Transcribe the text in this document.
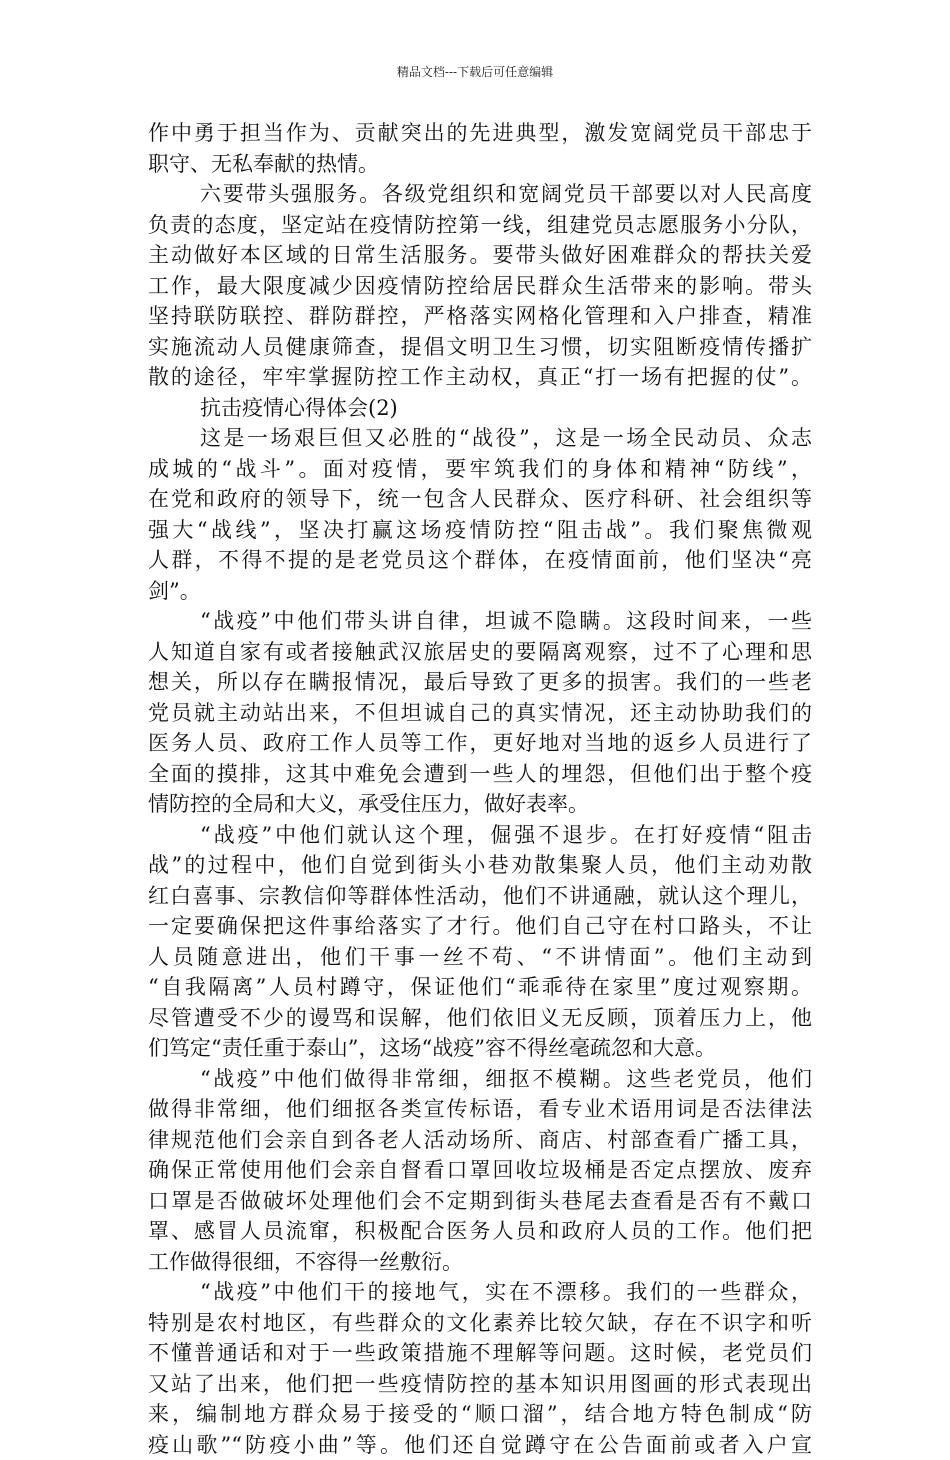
精品文档---下载后可任意编辑
作中勇于担当作为、贡献突出的先进典型，激发宽阔党员干部忠于
职守、无私奉献的热情。
六要带头强服务。各级党组织和宽阔党员干部要以对人民高度
负责的态度，坚定站在疫情防控第一线，组建党员志愿服务小分队，
主动做好本区域的日常生活服务。要带头做好困难群众的帮扶关爱
工作，最大限度减少因疫情防控给居民群众生活带来的影响。带头
坚持联防联控、群防群控，严格落实网格化管理和入户排查，精准
实施流动人员健康筛查，提倡文明卫生习惯，切实阻断疫情传播扩
散的途径，牢牢掌握防控工作主动权，真正“打一场有把握的仗”。
抗击疫情心得体会(2)
这是一场艰巨但又必胜的“战役”，这是一场全民动员、众志
成城的“战斗”。面对疫情，要牢筑我们的身体和精神“防线”，
在党和政府的领导下，统一包含人民群众、医疗科研、社会组织等
强大“战线”，坚决打赢这场疫情防控“阻击战”。我们聚焦微观
人群，不得不提的是老党员这个群体，在疫情面前，他们坚决“亮
剑”。
“战疫”中他们带头讲自律，坦诚不隐瞒。这段时间来，一些
人知道自家有或者接触武汉旅居史的要隔离观察，过不了心理和思
想关，所以存在瞒报情况，最后导致了更多的损害。我们的一些老
党员就主动站出来，不但坦诚自己的真实情况，还主动协助我们的
医务人员、政府工作人员等工作，更好地对当地的返乡人员进行了
全面的摸排，这其中难免会遭到一些人的埋怨，但他们出于整个疫
情防控的全局和大义，承受住压力，做好表率。
“战疫”中他们就认这个理，倔强不退步。在打好疫情“阻击
战”的过程中，他们自觉到街头小巷劝散集聚人员，他们主动劝散
红白喜事、宗教信仰等群体性活动，他们不讲通融，就认这个理儿，
一定要确保把这件事给落实了才行。他们自己守在村口路头，不让
人员随意进出，他们干事一丝不苟、“不讲情面”。他们主动到
“自我隔离”人员村蹲守，保证他们“乖乖待在家里”度过观察期。
尽管遭受不少的谩骂和误解，他们依旧义无反顾，顶着压力上，他
们笃定“责任重于泰山”，这场“战疫”容不得丝毫疏忽和大意。
“战疫”中他们做得非常细，细抠不模糊。这些老党员，他们
做得非常细，他们细抠各类宣传标语，看专业术语用词是否法律法
律规范他们会亲自到各老人活动场所、商店、村部查看广播工具，
确保正常使用他们会亲自督看口罩回收垃圾桶是否定点摆放、废弃
口罩是否做破坏处理他们会不定期到街头巷尾去查看是否有不戴口
罩、感冒人员流窜，积极配合医务人员和政府人员的工作。他们把
工作做得很细，不容得一丝敷衍。
“战疫”中他们干的接地气，实在不漂移。我们的一些群众，
特别是农村地区，有些群众的文化素养比较欠缺，存在不识字和听
不懂普通话和对于一些政策措施不理解等问题。这时候，老党员们
又站了出来，他们把一些疫情防控的基本知识用图画的形式表现出
来，编制地方群众易于接受的“顺口溜”，结合地方特色制成“防
疫山歌”“防疫小曲”等。他们还自觉蹲守在公告面前或者入户宣
